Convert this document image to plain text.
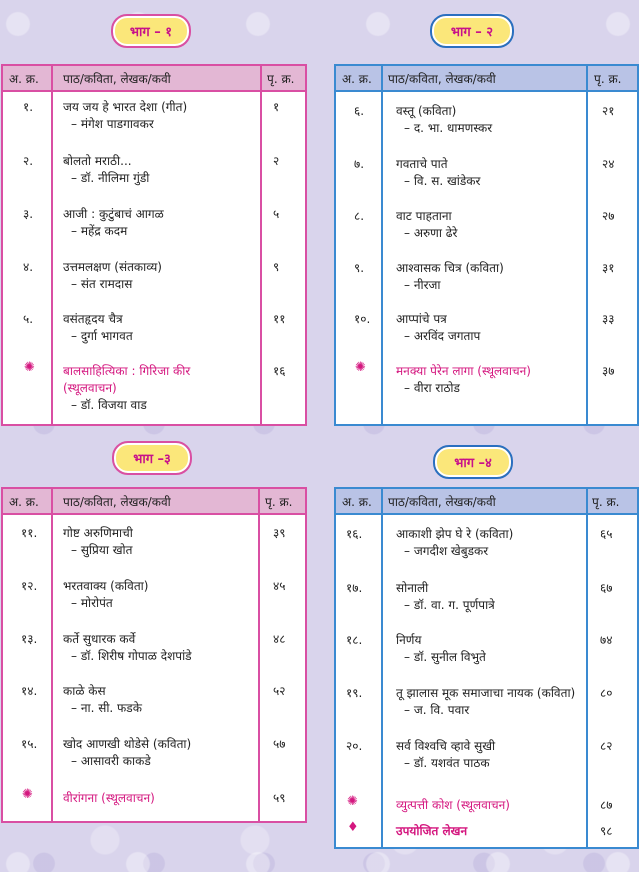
भाग – १
अ. क्र. पाठ/कविता, लेखक/कवी	पृ. क्र.
१. जय जय हे भारत देशा (गीत)
– मंगेश पाडगावकर
१
२. बोलतो मराठी...
– डॉ. नीलिमा गुंडी
२
३. आजी : कुटुंबाचं आगळ
– महेंद्र कदम
५
४. उत्तमलक्षण (संतकाव्य)
– संत रामदास
९
५. वसंतहृदय चैत्र
– दुर्गा भागवत
११
✺ बालसाहित्यिका : गिरिजा कीर
(स्थूलवाचन)
– डॉ. विजया वाड
१६
भाग – २
अ. क्र. पाठ/कविता, लेखक/कवी	पृ. क्र.
६.	वस्तू (कविता)
– द. भा. धामणस्कर
२१
७.	गवताचे पाते
– वि. स. खांडेकर
२४
८.	वाट पाहताना
– अरुणा ढेरे
२७
९.	आश्वासक चित्र (कविता)
– नीरजा
३१
१०. आप्पांचे पत्र
– अरविंद जगताप
३३
✺	मनक्या पेरेन लागा (स्थूलवाचन)
– वीरा राठोड
३७
भाग –३
अ. क्र. पाठ/कविता, लेखक/कवी	पृ. क्र.
११. गोष्ट अरुणिमाची
– सुप्रिया खोत
३९
१२. भरतवाक्य (कविता)
– मोरोपंत
४५
१३. कर्ते सुधारक कर्वे
– डॉ. शिरीष गोपाळ देशपांडे
४८
१४. काळे केस
– ना. सी. फडके
५२
१५. खोद आणखी थोडेसे (कविता)
– आसावरी काकडे
५७
✺	वीरांगना (स्थूलवाचन)	५९
भाग –४
अ. क्र. पाठ/कविता, लेखक/कवी	पृ. क्र.
१६.	आकाशी झेप घे रे (कविता)
– जगदीश खेबुडकर
६५
१७.	सोनाली
– डॉ. वा. ग. पूर्णपात्रे
६७
१८.	निर्णय
– डॉ. सुनील विभुते
७४
१९.	तू झालास मूक समाजाचा नायक (कविता)
– ज. वि. पवार
८०
२०.	सर्व विश्वचि व्हावे सुखी
– डॉ. यशवंत पाठक
८२
✺	व्युत्पत्ती कोश (स्थूलवाचन)	८७
♦	उपयोजित लेखन	९८
